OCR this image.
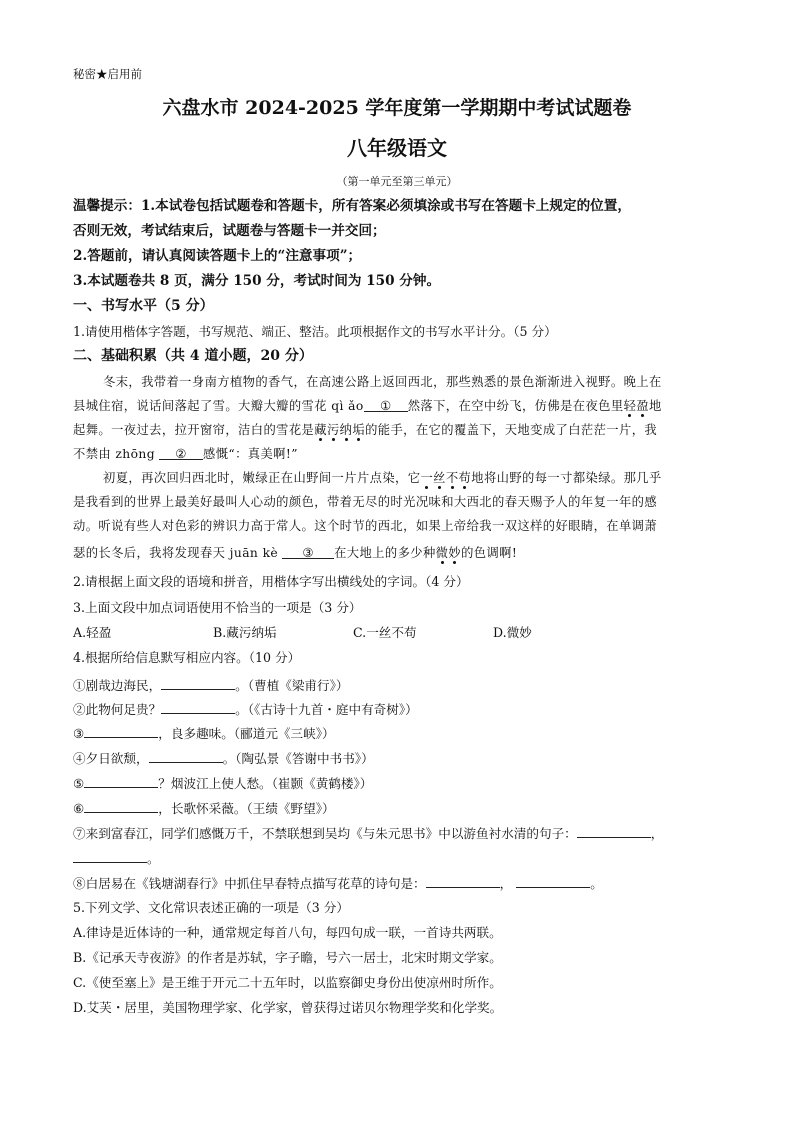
秘密★启用前
六盘水市 2024-2025 学年度第一学期期中考试试题卷
八年级语文
（第一单元至第三单元）
温馨提示：1.本试卷包括试题卷和答题卡，所有答案必须填涂或书写在答题卡上规定的位置，
否则无效，考试结束后，试题卷与答题卡一并交回；
2.答题前，请认真阅读答题卡上的“注意事项”；
3.本试题卷共 8 页，满分 150 分，考试时间为 150 分钟。
一、书写水平（5 分）
1.请使用楷体字答题，书写规范、端正、整洁。此项根据作文的书写水平计分。（5 分）
二、基础积累（共 4 道小题，20 分）
冬末，我带着一身南方植物的香气，在高速公路上返回西北，那些熟悉的景色渐渐进入视野。晚上在
县城住宿，说话间落起了雪。大瓣大瓣的雪花 qì ǎo ① 然落下，在空中纷飞，仿佛是在夜色里轻盈地
起舞。一夜过去，拉开窗帘，洁白的雪花是藏污纳垢的能手，在它的覆盖下，天地变成了白茫茫一片，我
不禁由 zhōng ② 感慨“：真美啊!”
初夏，再次回归西北时，嫩绿正在山野间一片片点染，它一丝不苟地将山野的每一寸都染绿。那几乎
是我看到的世界上最美好最叫人心动的颜色，带着无尽的时光况味和大西北的春天赐予人的年复一年的感
动。听说有些人对色彩的辨识力高于常人。这个时节的西北，如果上帝给我一双这样的好眼睛，在单调萧
瑟的长冬后，我将发现春天 juān kè ③ 在大地上的多少种微妙的色调啊!
2.请根据上面文段的语境和拼音，用楷体字写出横线处的字词。（4 分）
3.上面文段中加点词语使用不恰当的一项是（3 分）
A.轻盈	B.藏污纳垢	C.一丝不苟	D.微妙
4.根据所给信息默写相应内容。（10 分）
①剧哉边海民，	。（曹植《梁甫行》）
②此物何足贵？	。（《古诗十九首・庭中有奇树》）
③	，良多趣味。（郦道元《三峡》）
④夕日欲颓，	。（陶弘景《答谢中书书》）
⑤	？烟波江上使人愁。（崔颢《黄鹤楼》）
⑥	，长歌怀采薇。（王绩《野望》）
⑦来到富春江，同学们感慨万千，不禁联想到吴均《与朱元思书》中以游鱼衬水清的句子：	，
。
⑧白居易在《钱塘湖春行》中抓住早春特点描写花草的诗句是：	，	。
5.下列文学、文化常识表述正确的一项是（3 分）
A.律诗是近体诗的一种，通常规定每首八句，每四句成一联，一首诗共两联。
B.《记承天寺夜游》的作者是苏轼，字子瞻，号六一居士，北宋时期文学家。
C.《使至塞上》是王维于开元二十五年时，以监察御史身份出使凉州时所作。
D.艾芙・居里，美国物理学家、化学家，曾获得过诺贝尔物理学奖和化学奖。
